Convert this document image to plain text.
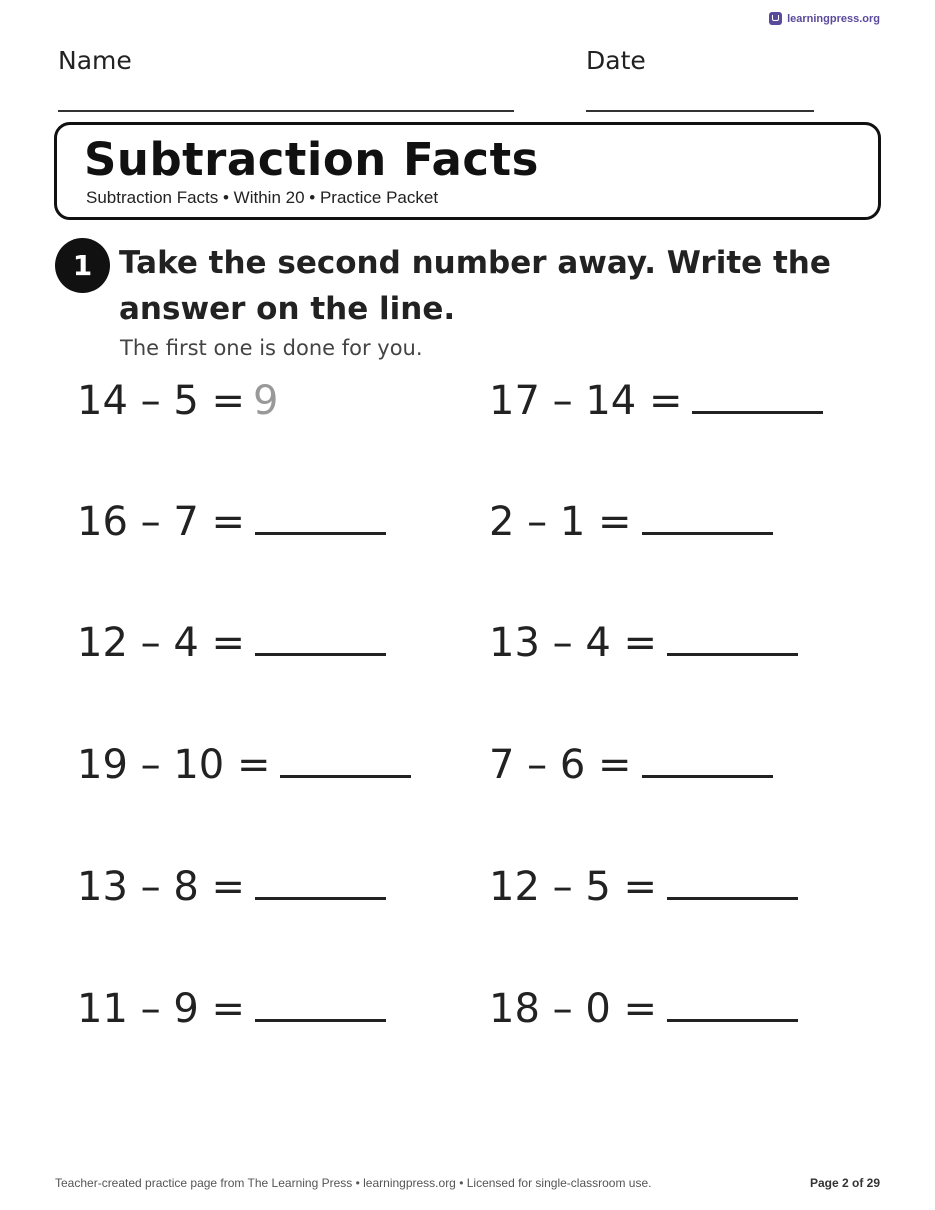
learningpress.org
Name	Date
Subtraction Facts
Subtraction Facts • Within 20 • Practice Packet
1 Take the second number away. Write the answer on the line.

The first one is done for you.
14 – 5 = 9	17 – 14 =
16 – 7 =	2 – 1 =
12 – 4 =	13 – 4 =
19 – 10 =	7 – 6 =
13 – 8 =	12 – 5 =
11 – 9 =	18 – 0 =
Teacher-created practice page from The Learning Press • learningpress.org • Licensed for single-classroom use.	Page 2 of 29
